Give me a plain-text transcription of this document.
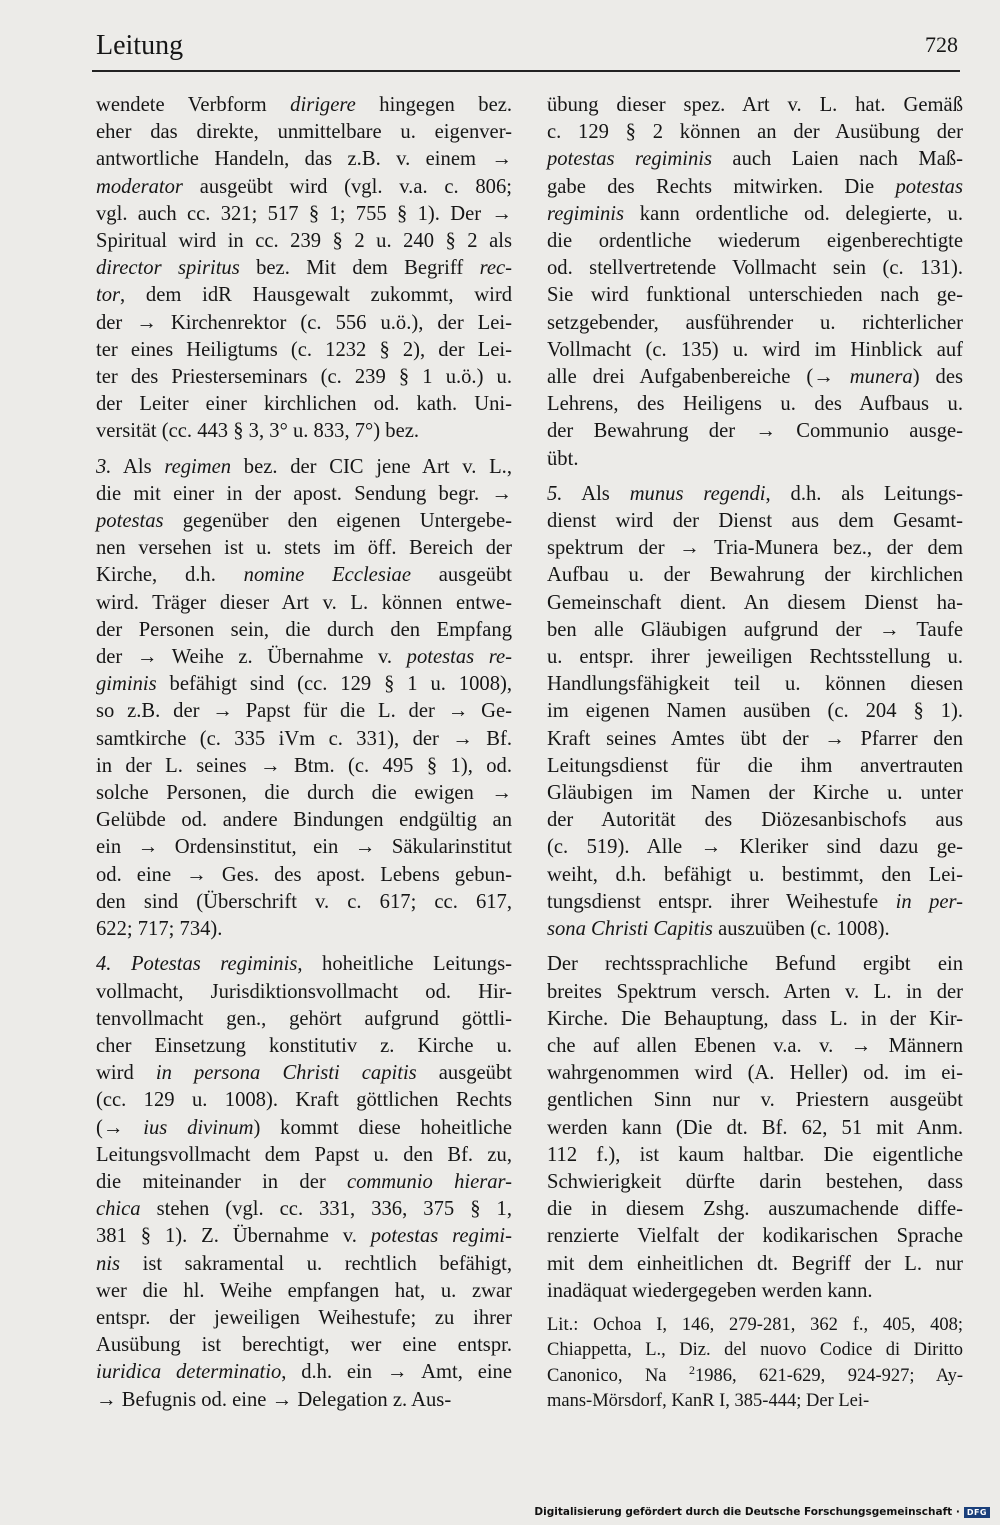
Leitung	728
wendete Verbform dirigere hingegen bez.
eher das direkte, unmittelbare u. eigenver-
antwortliche Handeln, das z.B. v. einem →
moderator ausgeübt wird (vgl. v.a. c. 806;
vgl. auch cc. 321; 517 § 1; 755 § 1). Der →
Spiritual wird in cc. 239 § 2 u. 240 § 2 als
director spiritus bez. Mit dem Begriff rec-
tor, dem idR Hausgewalt zukommt, wird
der → Kirchenrektor (c. 556 u.ö.), der Lei-
ter eines Heiligtums (c. 1232 § 2), der Lei-
ter des Priesterseminars (c. 239 § 1 u.ö.) u.
der Leiter einer kirchlichen od. kath. Uni-
versität (cc. 443 § 3, 3° u. 833, 7°) bez.
3. Als regimen bez. der CIC jene Art v. L.,
die mit einer in der apost. Sendung begr. →
potestas gegenüber den eigenen Untergebe-
nen versehen ist u. stets im öff. Bereich der
Kirche, d.h. nomine Ecclesiae ausgeübt
wird. Träger dieser Art v. L. können entwe-
der Personen sein, die durch den Empfang
der → Weihe z. Übernahme v. potestas re-
giminis befähigt sind (cc. 129 § 1 u. 1008),
so z.B. der → Papst für die L. der → Ge-
samtkirche (c. 335 iVm c. 331), der → Bf.
in der L. seines → Btm. (c. 495 § 1), od.
solche Personen, die durch die ewigen →
Gelübde od. andere Bindungen endgültig an
ein → Ordensinstitut, ein → Säkularinstitut
od. eine → Ges. des apost. Lebens gebun-
den sind (Überschrift v. c. 617; cc. 617,
622; 717; 734).
4. Potestas regiminis, hoheitliche Leitungs-
vollmacht, Jurisdiktionsvollmacht od. Hir-
tenvollmacht gen., gehört aufgrund göttli-
cher Einsetzung konstitutiv z. Kirche u.
wird in persona Christi capitis ausgeübt
(cc. 129 u. 1008). Kraft göttlichen Rechts
(→ ius divinum) kommt diese hoheitliche
Leitungsvollmacht dem Papst u. den Bf. zu,
die miteinander in der communio hierar-
chica stehen (vgl. cc. 331, 336, 375 § 1,
381 § 1). Z. Übernahme v. potestas regimi-
nis ist sakramental u. rechtlich befähigt,
wer die hl. Weihe empfangen hat, u. zwar
entspr. der jeweiligen Weihestufe; zu ihrer
Ausübung ist berechtigt, wer eine entspr.
iuridica determinatio, d.h. ein → Amt, eine
→ Befugnis od. eine → Delegation z. Aus-
übung dieser spez. Art v. L. hat. Gemäß
c. 129 § 2 können an der Ausübung der
potestas regiminis auch Laien nach Maß-
gabe des Rechts mitwirken. Die potestas
regiminis kann ordentliche od. delegierte, u.
die ordentliche wiederum eigenberechtigte
od. stellvertretende Vollmacht sein (c. 131).
Sie wird funktional unterschieden nach ge-
setzgebender, ausführender u. richterlicher
Vollmacht (c. 135) u. wird im Hinblick auf
alle drei Aufgabenbereiche (→ munera) des
Lehrens, des Heiligens u. des Aufbaus u.
der Bewahrung der → Communio ausge-
übt.
5. Als munus regendi, d.h. als Leitungs-
dienst wird der Dienst aus dem Gesamt-
spektrum der → Tria-Munera bez., der dem
Aufbau u. der Bewahrung der kirchlichen
Gemeinschaft dient. An diesem Dienst ha-
ben alle Gläubigen aufgrund der → Taufe
u. entspr. ihrer jeweiligen Rechtsstellung u.
Handlungsfähigkeit teil u. können diesen
im eigenen Namen ausüben (c. 204 § 1).
Kraft seines Amtes übt der → Pfarrer den
Leitungsdienst für die ihm anvertrauten
Gläubigen im Namen der Kirche u. unter
der Autorität des Diözesanbischofs aus
(c. 519). Alle → Kleriker sind dazu ge-
weiht, d.h. befähigt u. bestimmt, den Lei-
tungsdienst entspr. ihrer Weihestufe in per-
sona Christi Capitis auszuüben (c. 1008).
Der rechtssprachliche Befund ergibt ein
breites Spektrum versch. Arten v. L. in der
Kirche. Die Behauptung, dass L. in der Kir-
che auf allen Ebenen v.a. v. → Männern
wahrgenommen wird (A. Heller) od. im ei-
gentlichen Sinn nur v. Priestern ausgeübt
werden kann (Die dt. Bf. 62, 51 mit Anm.
112 f.), ist kaum haltbar. Die eigentliche
Schwierigkeit dürfte darin bestehen, dass
die in diesem Zshg. auszumachende diffe-
renzierte Vielfalt der kodikarischen Sprache
mit dem einheitlichen dt. Begriff der L. nur
inadäquat wiedergegeben werden kann.
Lit.: Ochoa I, 146, 279-281, 362 f., 405, 408;
Chiappetta, L., Diz. del nuovo Codice di Diritto
Canonico, Na $^2$1986, 621-629, 924-927; Ay-
mans-Mörsdorf, KanR I, 385-444; Der Lei-
Digitalisierung gefördert durch die Deutsche Forschungsgemeinschaft · DFG
